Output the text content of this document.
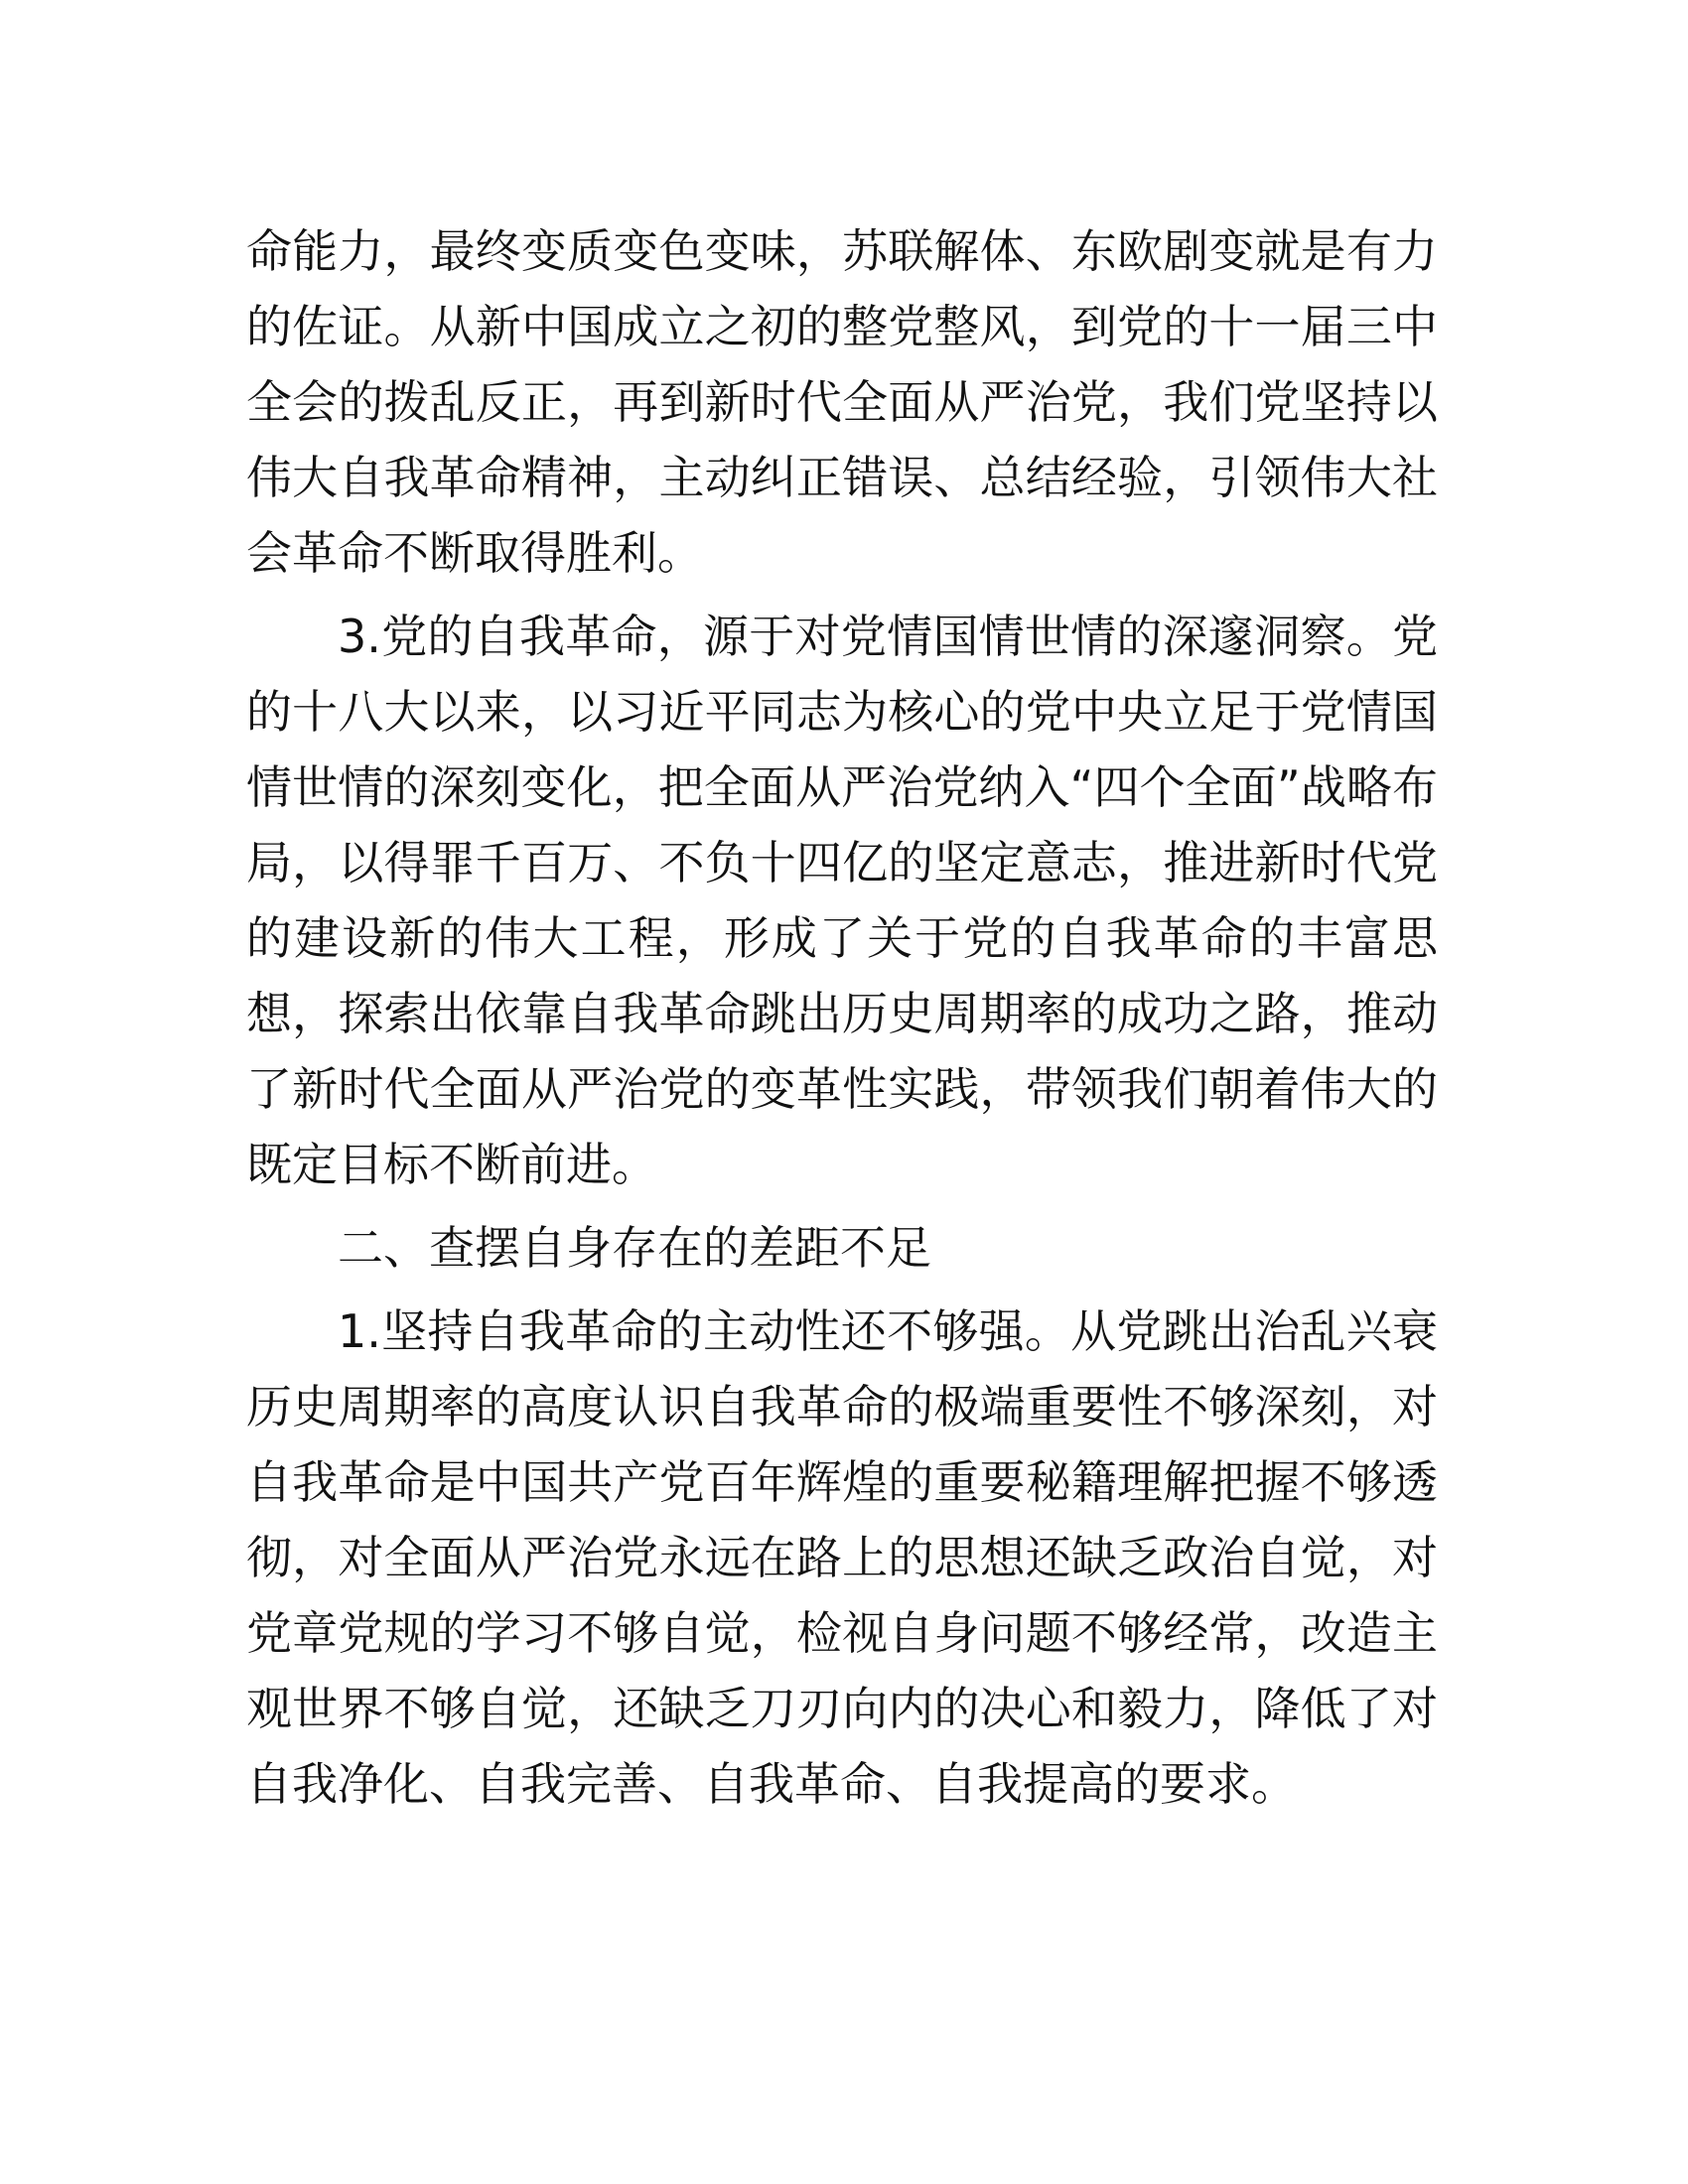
命能力，最终变质变色变味，苏联解体、东欧剧变就是有力的佐证。从新中国成立之初的整党整风，到党的十一届三中全会的拨乱反正，再到新时代全面从严治党，我们党坚持以伟大自我革命精神，主动纠正错误、总结经验，引领伟大社会革命不断取得胜利。

3.党的自我革命，源于对党情国情世情的深邃洞察。党的十八大以来，以习近平同志为核心的党中央立足于党情国情世情的深刻变化，把全面从严治党纳入“四个全面”战略布局，以得罪千百万、不负十四亿的坚定意志，推进新时代党的建设新的伟大工程，形成了关于党的自我革命的丰富思想，探索出依靠自我革命跳出历史周期率的成功之路，推动了新时代全面从严治党的变革性实践，带领我们朝着伟大的既定目标不断前进。

二、查摆自身存在的差距不足

1.坚持自我革命的主动性还不够强。从党跳出治乱兴衰历史周期率的高度认识自我革命的极端重要性不够深刻，对自我革命是中国共产党百年辉煌的重要秘籍理解把握不够透彻，对全面从严治党永远在路上的思想还缺乏政治自觉，对党章党规的学习不够自觉，检视自身问题不够经常，改造主观世界不够自觉，还缺乏刀刃向内的决心和毅力，降低了对自我净化、自我完善、自我革命、自我提高的要求。
